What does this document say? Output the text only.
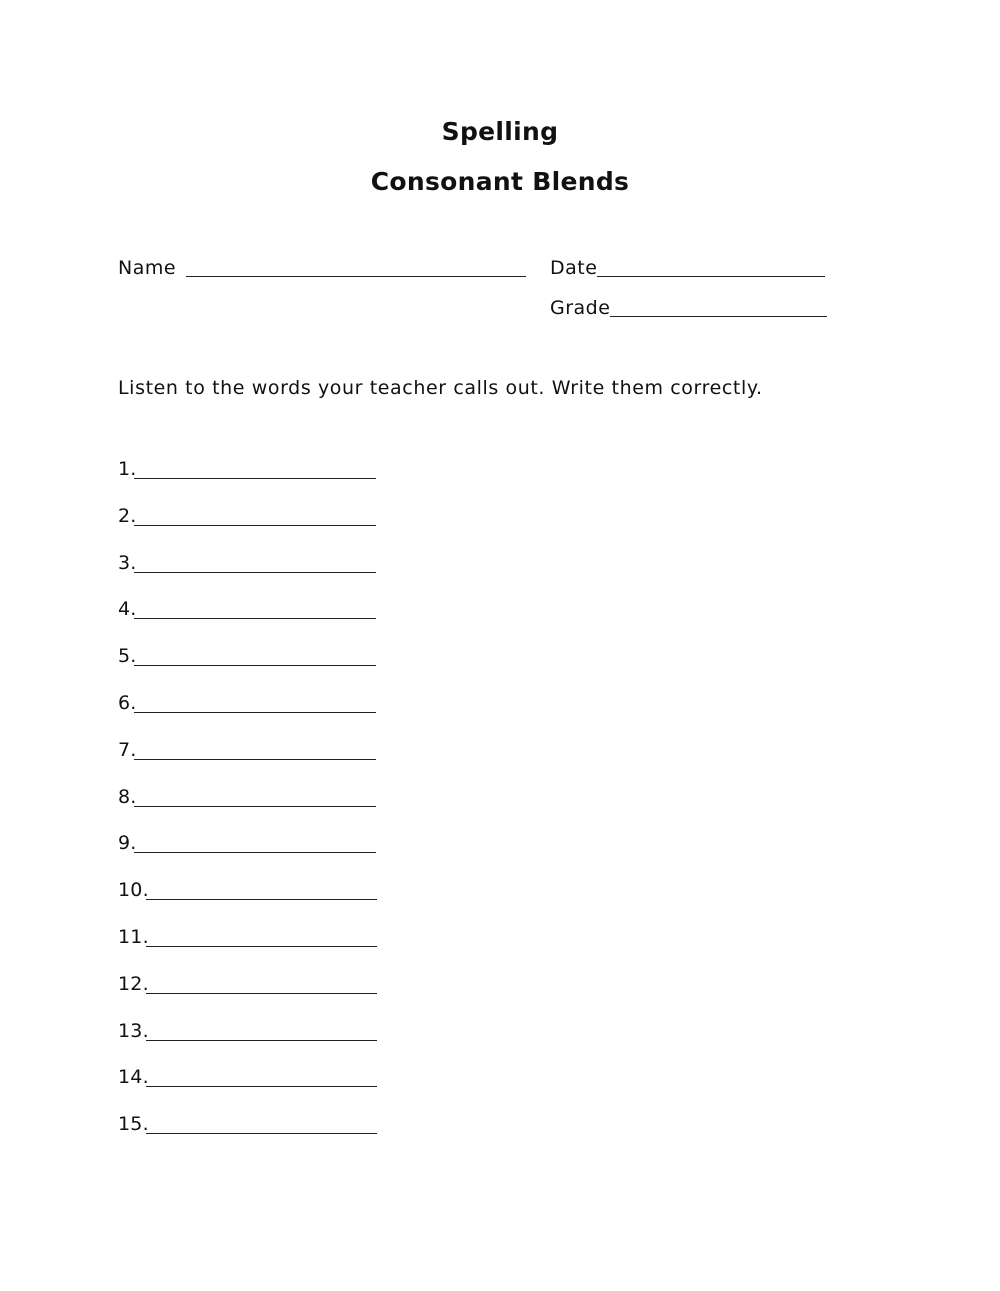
Spelling
Consonant Blends
Name	Date
Grade
Listen to the words your teacher calls out. Write them correctly.
1.
2.
3.
4.
5.
6.
7.
8.
9.
10.
11.
12.
13.
14.
15.
